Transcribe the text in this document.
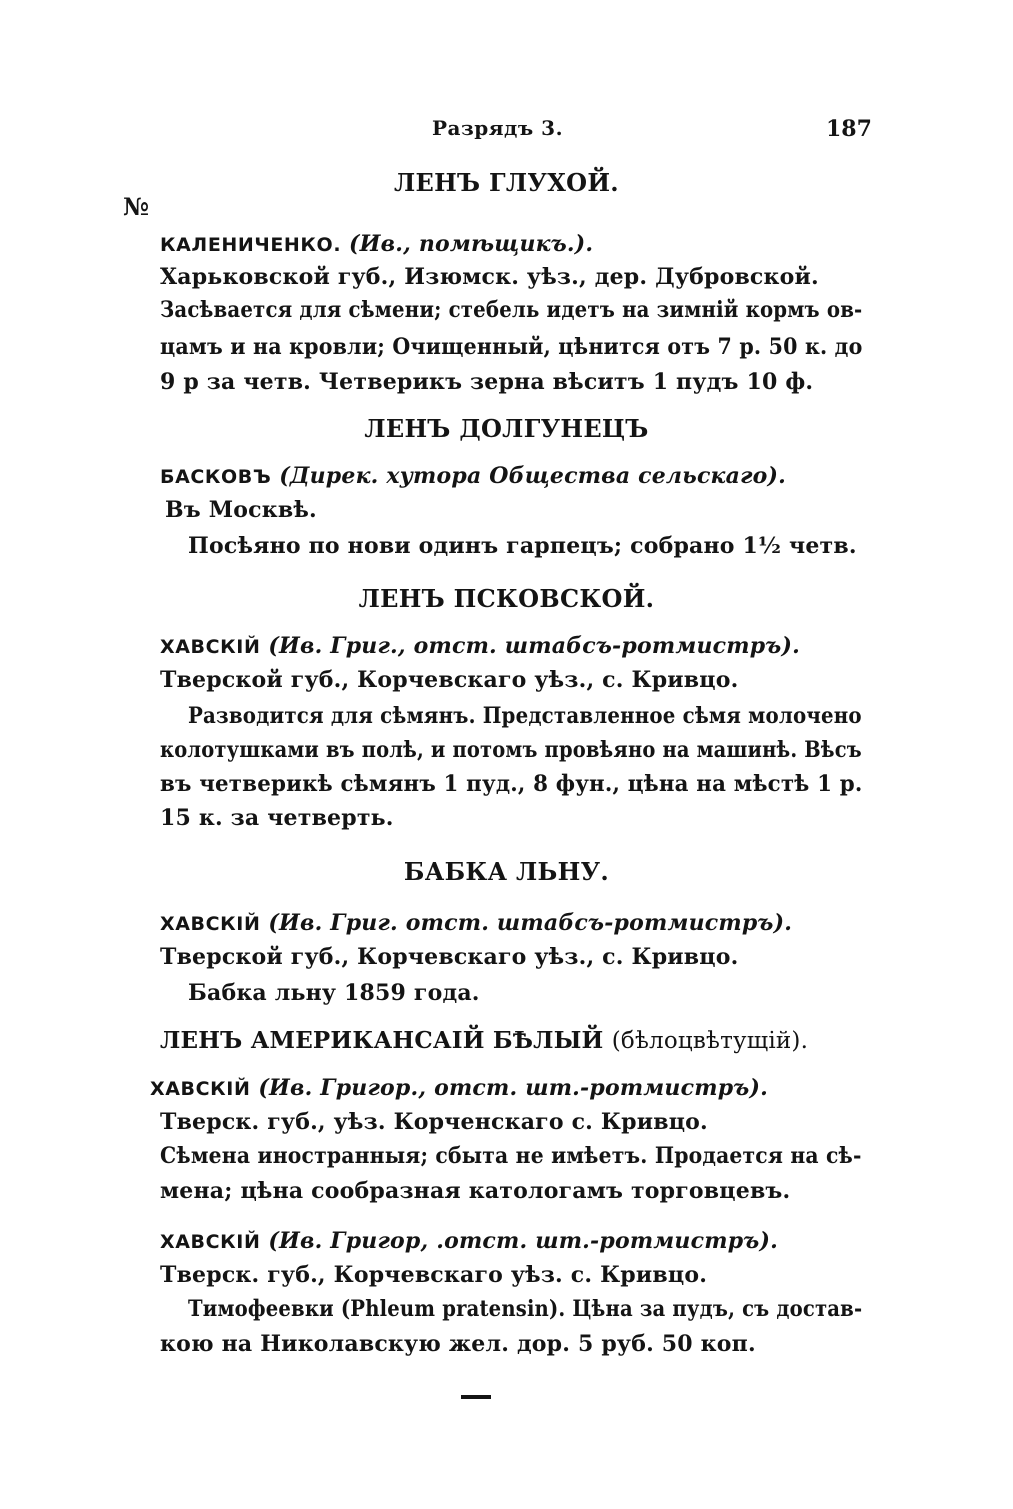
Разрядъ 3.	187
№
ЛЕНЪ ГЛУХОЙ.
КАЛЕНИЧЕНКО. (Ив., помѣщикъ.).
Харьковской губ., Изюмск. уѣз., дер. Дубровской.
Засѣвается для сѣмени; стебель идетъ на зимній кормъ ов-
цамъ и на кровли; Очищенный, цѣнится отъ 7 р. 50 к. до
9 р за четв. Четверикъ зерна вѣситъ 1 пудъ 10 ф.
ЛЕНЪ ДОЛГУНЕЦЪ
БАСКОВЪ (Дирек. хутора Общества сельскаго).
Въ Москвѣ.
Посѣяно по нови одинъ гарпецъ; собрано 1½ четв.
ЛЕНЪ ПСКОВСКОЙ.
ХАВСКІЙ (Ив. Григ., отст. штабсъ-ротмистръ).
Тверской губ., Корчевскаго уѣз., с. Кривцо.
Разводится для сѣмянъ. Представленное сѣмя молочено
колотушками въ полѣ, и потомъ провѣяно на машинѣ. Вѣсъ
въ четверикѣ сѣмянъ 1 пуд., 8 фун., цѣна на мѣстѣ 1 р.
15 к. за четверть.
БАБКА ЛЬНУ.
ХАВСКІЙ (Ив. Григ. отст. штабсъ-ротмистръ).
Тверской губ., Корчевскаго уѣз., с. Кривцо.
Бабка льну 1859 года.
ЛЕНЪ АМЕРИКАНСАІЙ БѢЛЫЙ (бѣлоцвѣтущій).
ХАВСКІЙ (Ив. Григор., отст. шт.-ротмистръ).
Тверск. губ., уѣз. Корченскаго с. Кривцо.
Сѣмена иностранныя; сбыта не имѣетъ. Продается на сѣ-
мена; цѣна сообразная катологамъ торговцевъ.
ХАВСКІЙ (Ив. Григор, .отст. шт.-ротмистръ).
Тверск. губ., Корчевскаго уѣз. с. Кривцо.
Тимофеевки (Phleum pratensin). Цѣна за пудъ, съ достав-
кою на Николавскую жел. дор. 5 руб. 50 коп.
